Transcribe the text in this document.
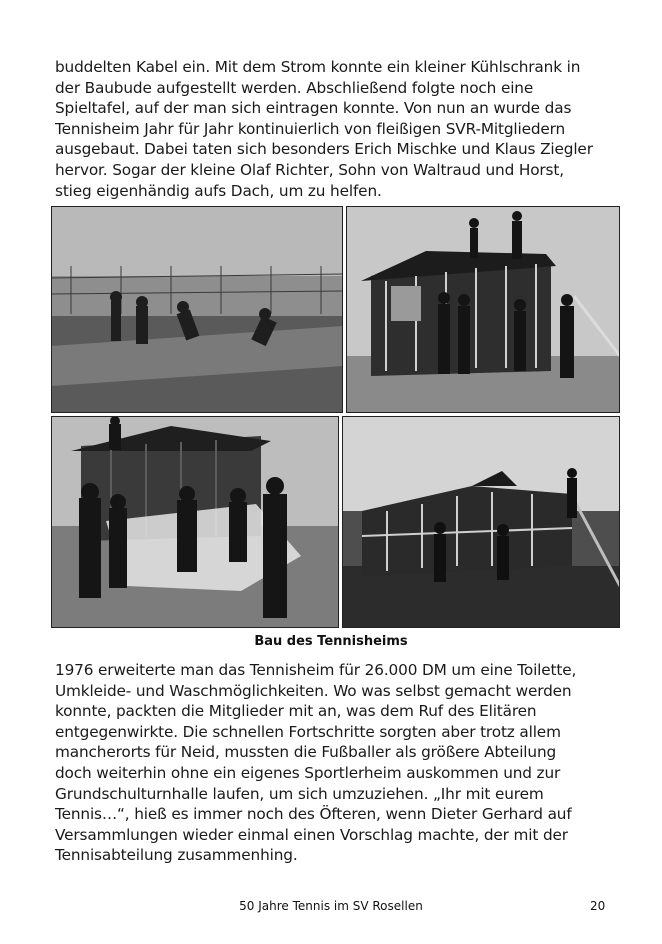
buddelten Kabel ein. Mit dem Strom konnte ein kleiner Kühlschrank in
der Baubude aufgestellt werden. Abschließend folgte noch eine
Spieltafel, auf der man sich eintragen konnte. Von nun an wurde das
Tennisheim Jahr für Jahr kontinuierlich von fleißigen SVR-Mitgliedern
ausgebaut. Dabei taten sich besonders Erich Mischke und Klaus Ziegler
hervor. Sogar der kleine Olaf Richter, Sohn von Waltraud und Horst,
stieg eigenhändig aufs Dach, um zu helfen.
Bau des Tennisheims
1976 erweiterte man das Tennisheim für 26.000 DM um eine Toilette,
Umkleide- und Waschmöglichkeiten. Wo was selbst gemacht werden
konnte, packten die Mitglieder mit an, was dem Ruf des Elitären
entgegenwirkte. Die schnellen Fortschritte sorgten aber trotz allem
mancherorts für Neid, mussten die Fußballer als größere Abteilung
doch weiterhin ohne ein eigenes Sportlerheim auskommen und zur
Grundschulturnhalle laufen, um sich umzuziehen. „Ihr mit eurem
Tennis…“, hieß es immer noch des Öfteren, wenn Dieter Gerhard auf
Versammlungen wieder einmal einen Vorschlag machte, der mit der
Tennisabteilung zusammenhing.
50 Jahre Tennis im SV Rosellen	20
